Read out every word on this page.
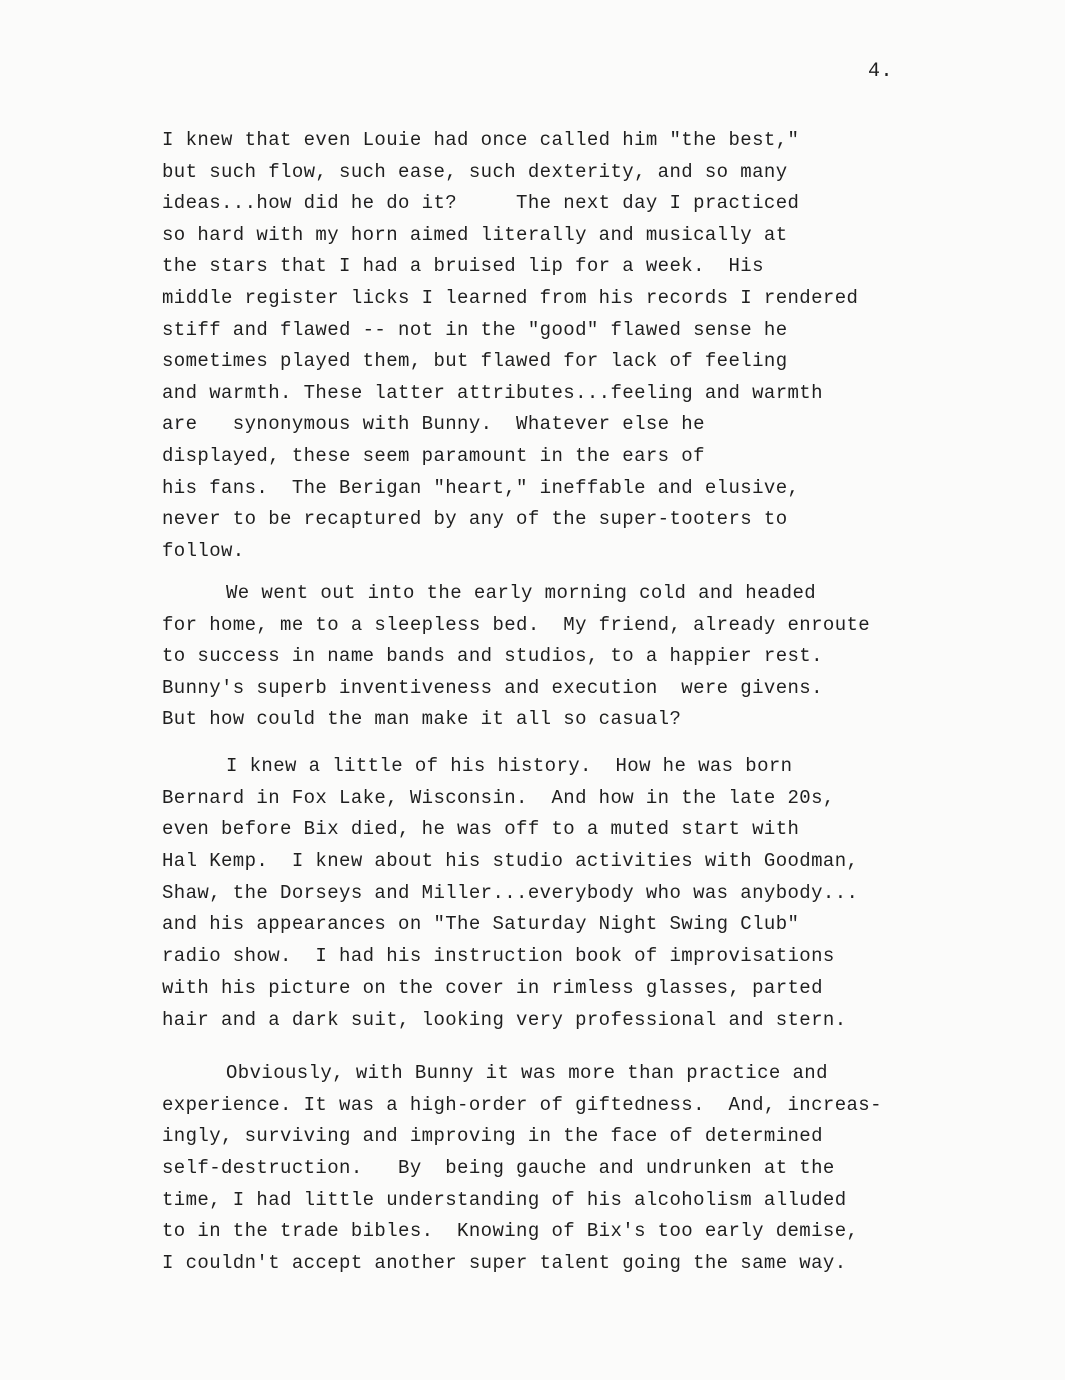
4.
I knew that even Louie had once called him "the best,"
but such flow, such ease, such dexterity, and so many
ideas...how did he do it?     The next day I practiced
so hard with my horn aimed literally and musically at
the stars that I had a bruised lip for a week.  His
middle register licks I learned from his records I rendered
stiff and flawed -- not in the "good" flawed sense he
sometimes played them, but flawed for lack of feeling
and warmth. These latter attributes...feeling and warmth
are   synonymous with Bunny.  Whatever else he
displayed, these seem paramount in the ears of
his fans.  The Berigan "heart," ineffable and elusive,
never to be recaptured by any of the super-tooters to
follow.
We went out into the early morning cold and headed
for home, me to a sleepless bed.  My friend, already enroute
to success in name bands and studios, to a happier rest.
Bunny's superb inventiveness and execution  were givens.
But how could the man make it all so casual?
I knew a little of his history.  How he was born
Bernard in Fox Lake, Wisconsin.  And how in the late 20s,
even before Bix died, he was off to a muted start with
Hal Kemp.  I knew about his studio activities with Goodman,
Shaw, the Dorseys and Miller...everybody who was anybody...
and his appearances on "The Saturday Night Swing Club"
radio show.  I had his instruction book of improvisations
with his picture on the cover in rimless glasses, parted
hair and a dark suit, looking very professional and stern.
Obviously, with Bunny it was more than practice and
experience. It was a high-order of giftedness.  And, increas-
ingly, surviving and improving in the face of determined
self-destruction.   By  being gauche and undrunken at the
time, I had little understanding of his alcoholism alluded
to in the trade bibles.  Knowing of Bix's too early demise,
I couldn't accept another super talent going the same way.
